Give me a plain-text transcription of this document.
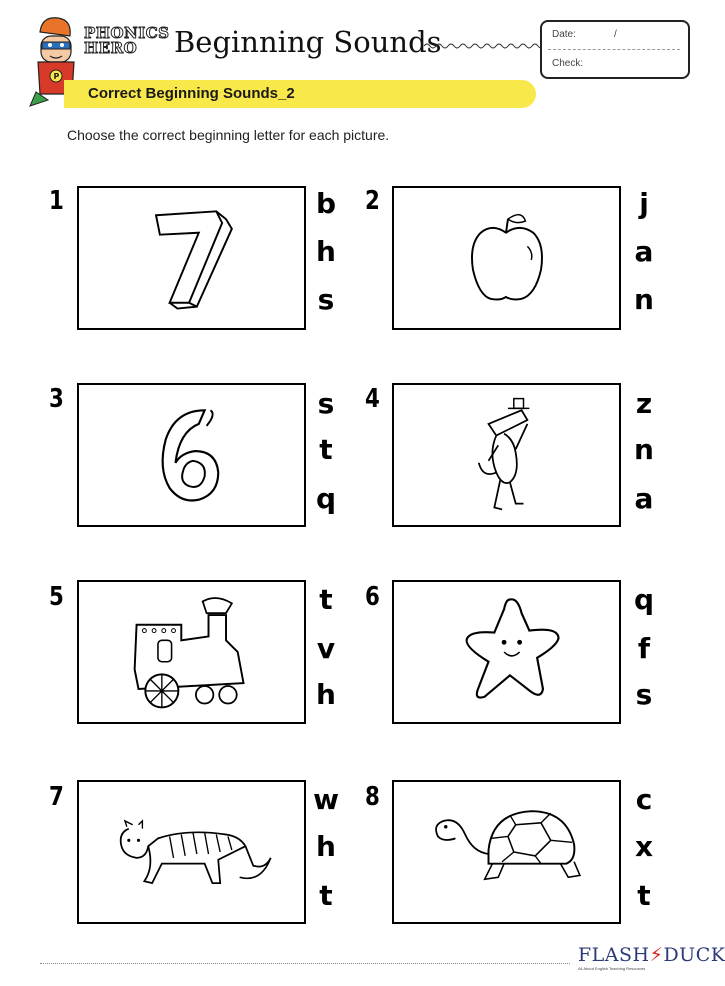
P
PHONICS
HERO	Beginning Sounds	Date:	/
Check:
Correct Beginning Sounds_2
Choose the correct beginning letter for each picture.
1	b
h
s
2	j
a
n
3	s
t
q
4	z
n
a
5	t
v
h
6	q
f
s
7	w
h
t
8	c
x
t
FLASH⚡DUCK
All About English Teaching Resources
